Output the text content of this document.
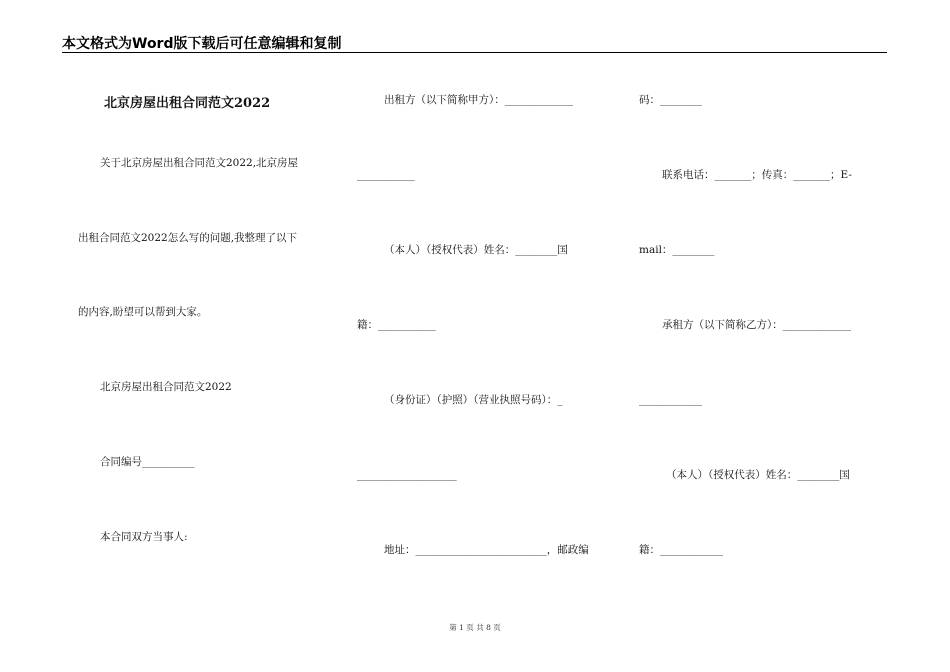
本文格式为Word版下载后可任意编辑和复制
北京房屋出租合同范文2022
关于北京房屋出租合同范文2022,北京房屋
出租合同范文2022怎么写的问题,我整理了以下
的内容,盼望可以帮到大家。
北京房屋出租合同范文2022
合同编号__________
本合同双方当事人:
出租方（以下简称甲方）：_____________
___________
（本人）（授权代表）姓名：________国
籍：___________
（身份证）（护照）（营业执照号码）：_
___________________
地址：_________________________，邮政编
码：________
联系电话：_______；传真：_______；E-
mail：________
承租方（以下简称乙方）：_____________
____________
（本人）（授权代表）姓名：________国
籍：____________
第 1 页 共 8 页
